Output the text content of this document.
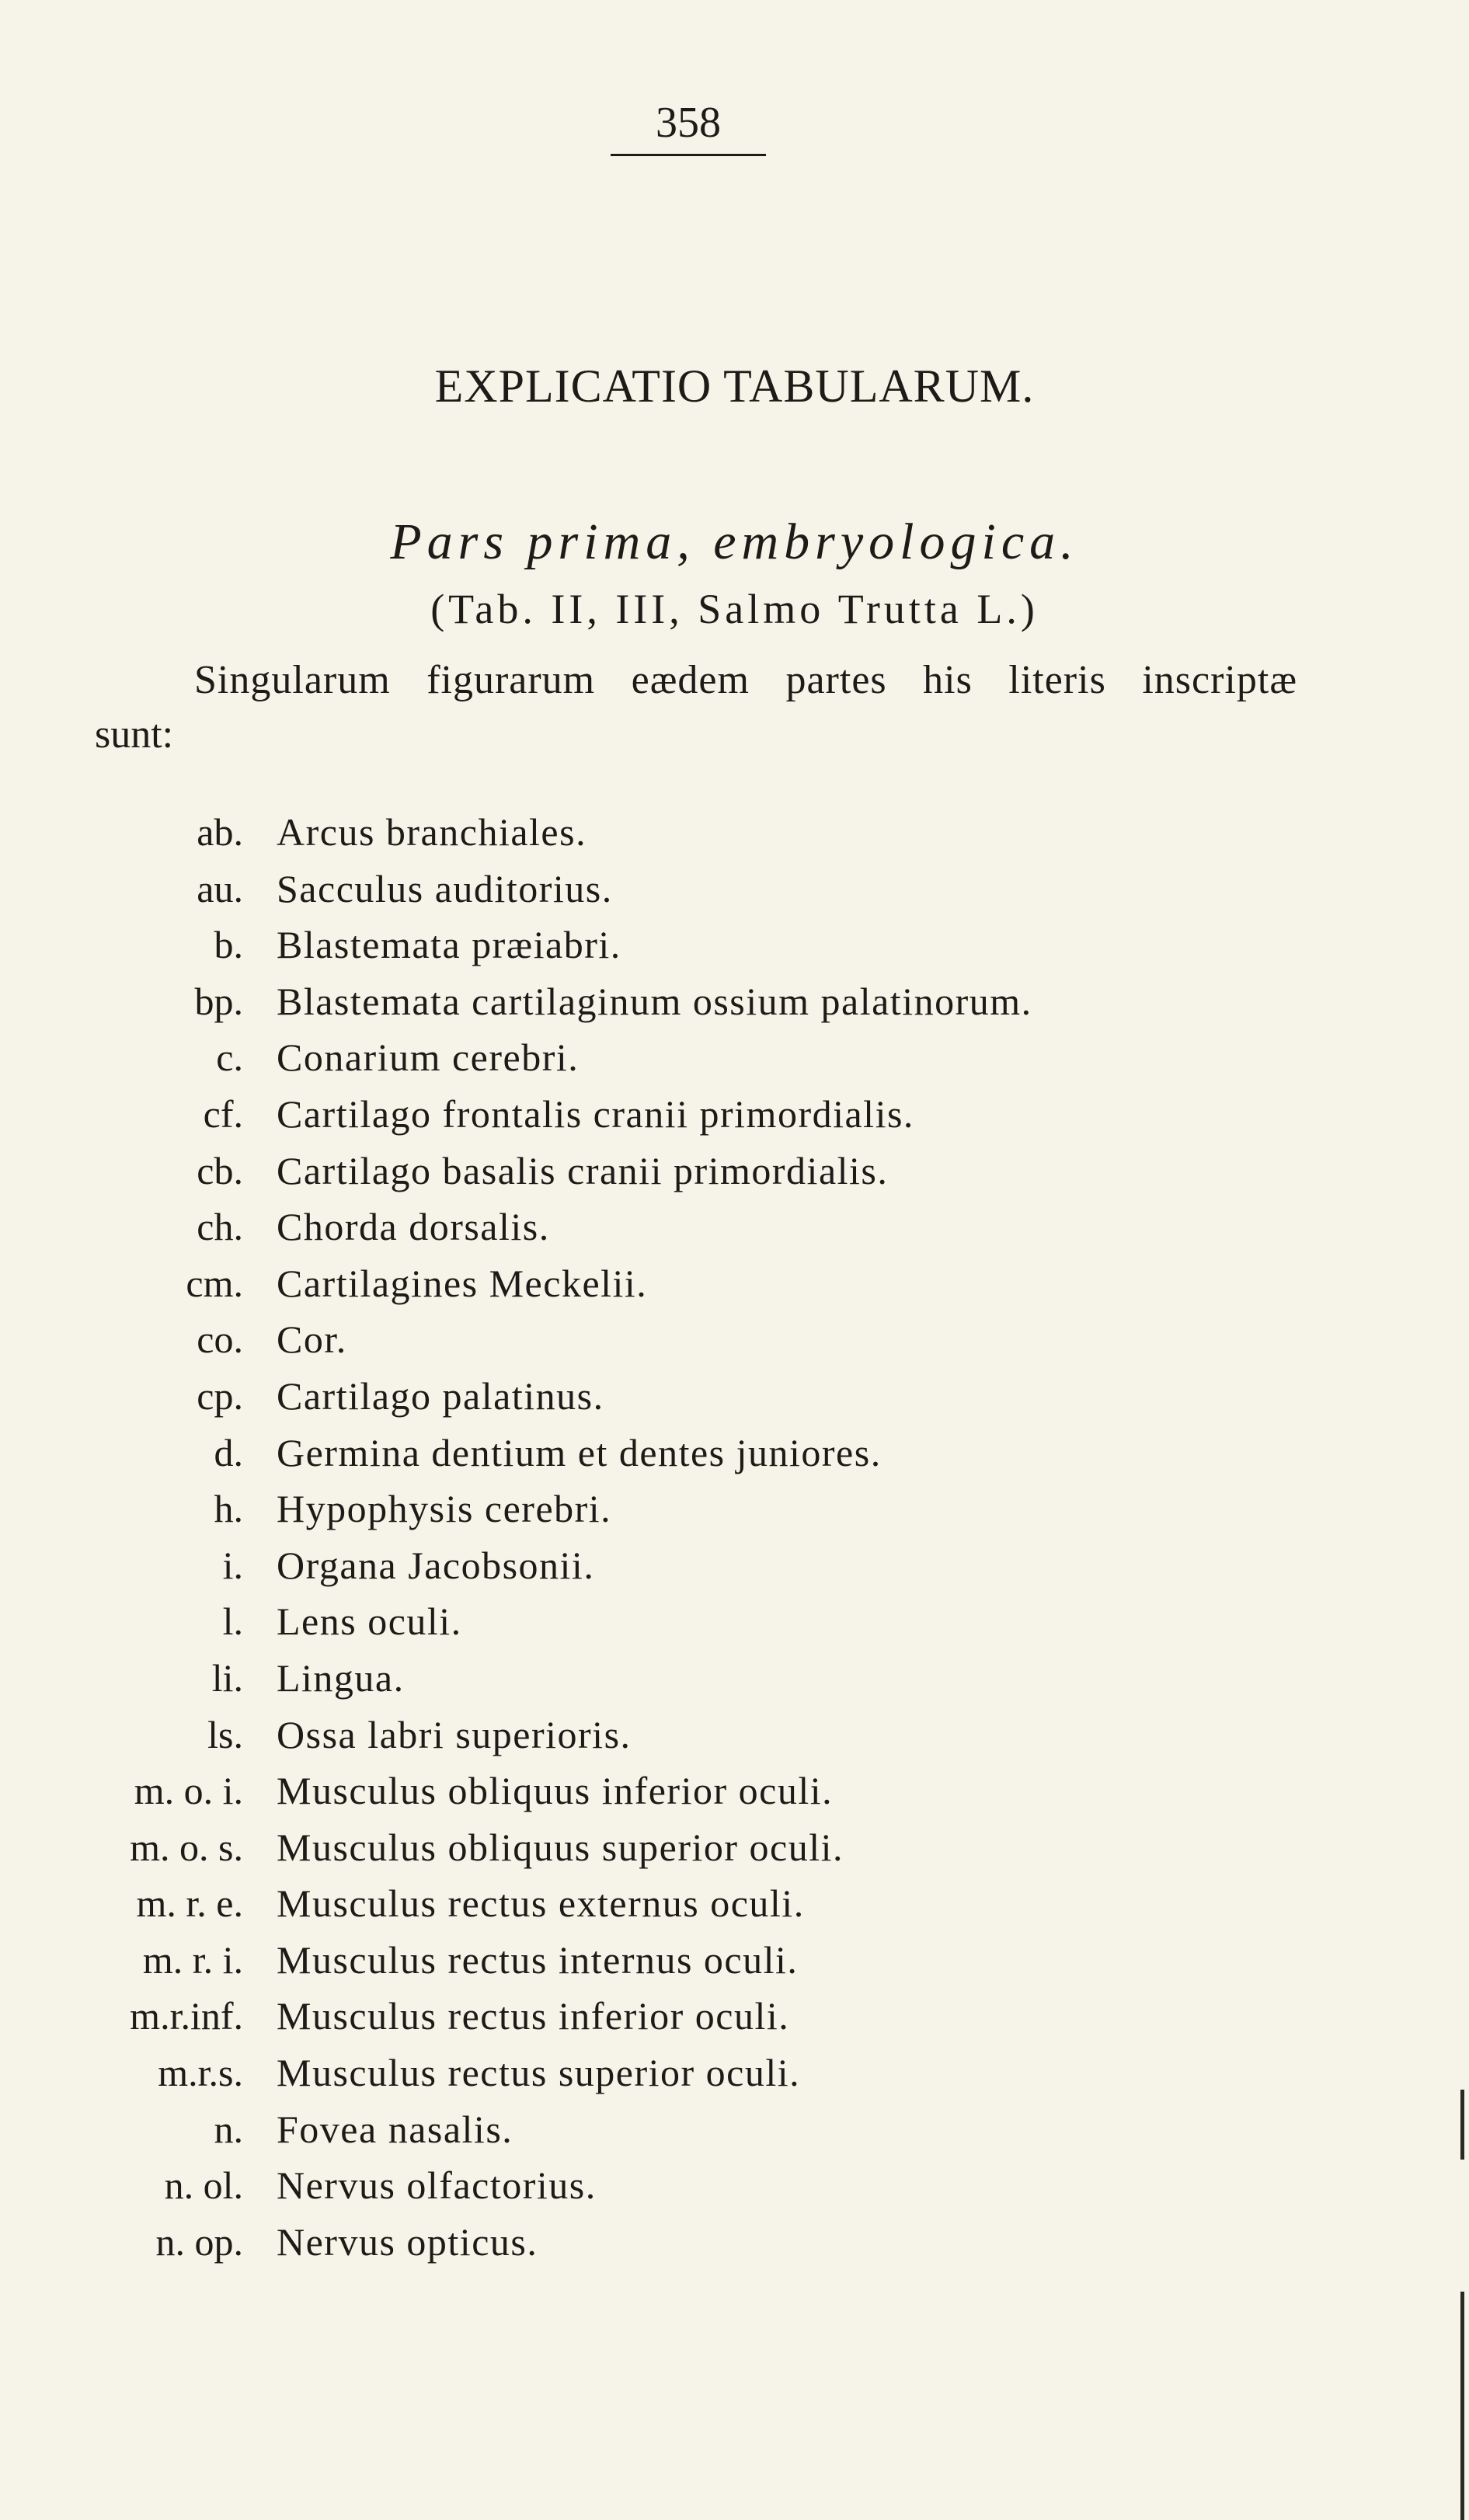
358
EXPLICATIO TABULARUM.
Pars prima, embryologica.
(Tab. II, III, Salmo Trutta L.)
Singularum figurarum eædem partes his literis inscriptæ
sunt:
ab. Arcus branchiales.
au. Sacculus auditorius.
b. Blastemata præiabri.
bp. Blastemata cartilaginum ossium palatinorum.
c. Conarium cerebri.
cf. Cartilago frontalis cranii primordialis.
cb. Cartilago basalis cranii primordialis.
ch. Chorda dorsalis.
cm. Cartilagines Meckelii.
co. Cor.
cp. Cartilago palatinus.
d. Germina dentium et dentes juniores.
h. Hypophysis cerebri.
i. Organa Jacobsonii.
l. Lens oculi.
li. Lingua.
ls. Ossa labri superioris.
m. o. i. Musculus obliquus inferior oculi.
m. o. s. Musculus obliquus superior oculi.
m. r. e. Musculus rectus externus oculi.
m. r. i. Musculus rectus internus oculi.
m.r.inf. Musculus rectus inferior oculi.
m.r.s. Musculus rectus superior oculi.
n. Fovea nasalis.
n. ol. Nervus olfactorius.
n. op. Nervus opticus.
